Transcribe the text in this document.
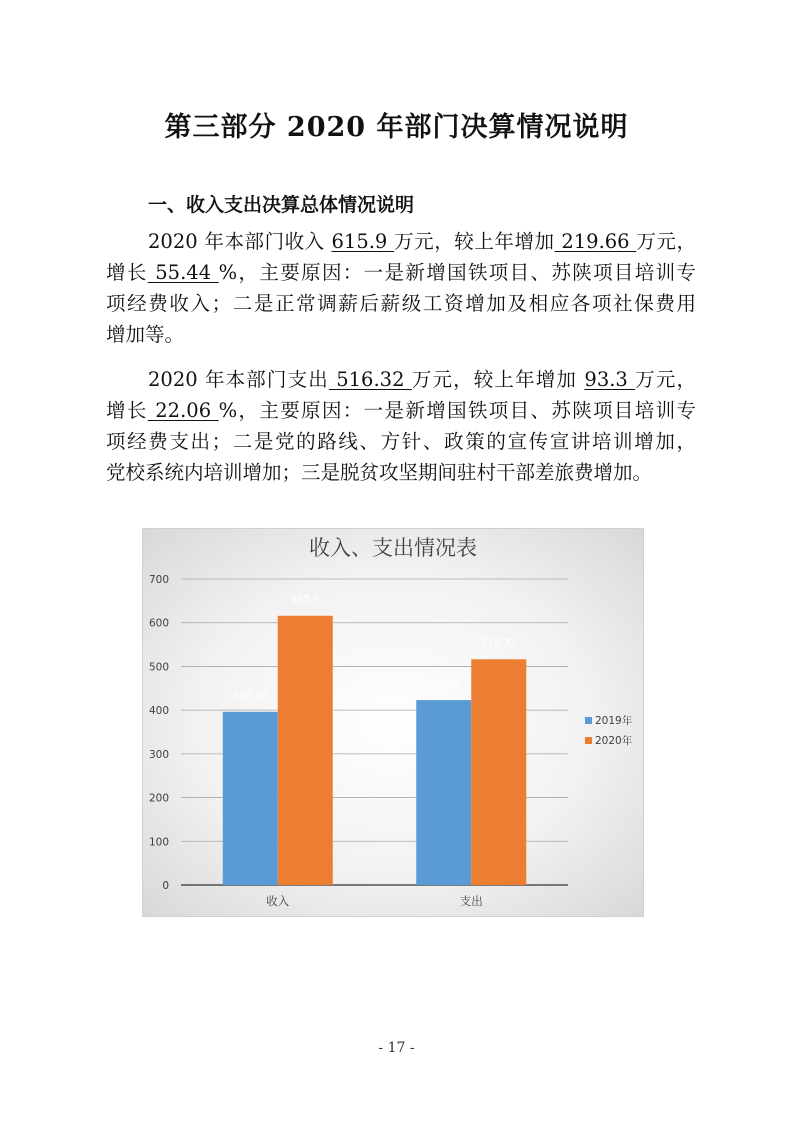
第三部分 2020 年部门决算情况说明
一、收入支出决算总体情况说明
2020 年本部门收入 615.9 万元，较上年增加 219.66 万元，
增长 55.44 %，主要原因：一是新增国铁项目、苏陕项目培训专
项经费收入；二是正常调薪后薪级工资增加及相应各项社保费用
增加等。
2020 年本部门支出 516.32 万元，较上年增加 93.3 万元，
增长 22.06 %，主要原因：一是新增国铁项目、苏陕项目培训专
项经费支出；二是党的路线、方针、政策的宣传宣讲培训增加，
党校系统内培训增加；三是脱贫攻坚期间驻村干部差旅费增加。
收入、支出情况表
0
100
200
300
400
500
600
700
396.24
615.9
收入
423.02
516.32
支出
2019年
2020年
- 17 -
